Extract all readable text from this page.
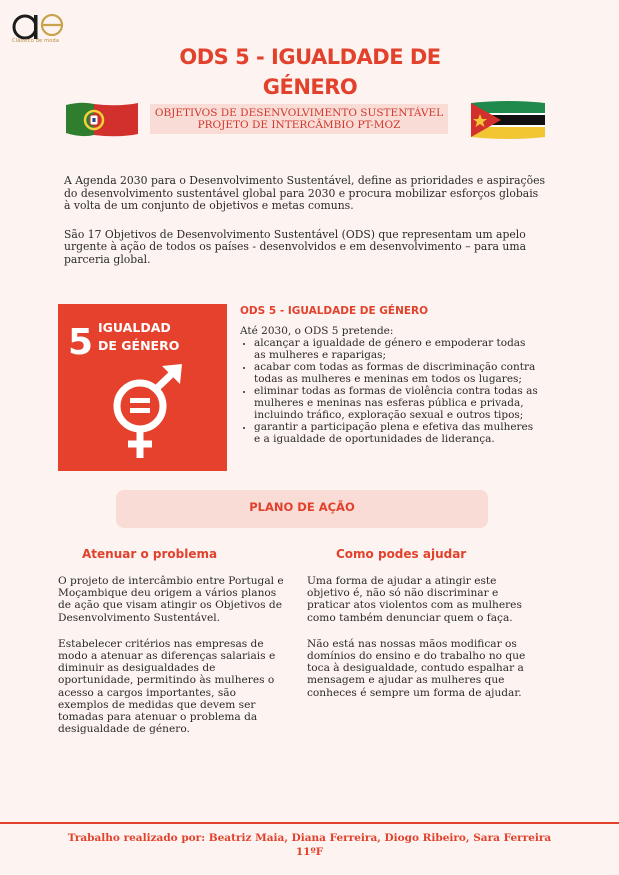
Clássico de moda
ODS 5 - IGUALDADE DE
GÉNERO
OBJETIVOS DE DESENVOLVIMENTO SUSTENTÁVEL
PROJETO DE INTERCÂMBIO PT-MOZ

A Agenda 2030 para o Desenvolvimento Sustentável, define as prioridades e aspirações do desenvolvimento sustentável global para 2030 e procura mobilizar esforços globais à volta de um conjunto de objetivos e metas comuns.

São 17 Objetivos de Desenvolvimento Sustentável (ODS) que representam um apelo urgente à ação de todos os países - desenvolvidos e em desenvolvimento – para uma parceria global.

5 IGUALDAD
DE GÉNERO
ODS 5 - IGUALDADE DE GÉNERO
Até 2030, o ODS 5 pretende:
• alcançar a igualdade de género e empoderar todas as mulheres e raparigas;
• acabar com todas as formas de discriminação contra todas as mulheres e meninas em todos os lugares;
• eliminar todas as formas de violência contra todas as mulheres e meninas nas esferas pública e privada, incluindo tráfico, exploração sexual e outros tipos;
• garantir a participação plena e efetiva das mulheres e a igualdade de oportunidades de liderança.
PLANO DE AÇÃO
Atenuar o problema	Como podes ajudar

O projeto de intercâmbio entre Portugal e Moçambique deu origem a vários planos de ação que visam atingir os Objetivos de Desenvolvimento Sustentável.

Estabelecer critérios nas empresas de modo a atenuar as diferenças salariais e diminuir as desigualdades de oportunidade, permitindo às mulheres o acesso a cargos importantes, são exemplos de medidas que devem ser tomadas para atenuar o problema da desigualdade de género.

Uma forma de ajudar a atingir este objetivo é, não só não discriminar e praticar atos violentos com as mulheres como também denunciar quem o faça.

Não está nas nossas mãos modificar os domínios do ensino e do trabalho no que toca à desigualdade, contudo espalhar a mensagem e ajudar as mulheres que conheces é sempre um forma de ajudar.

Trabalho realizado por: Beatriz Maia, Diana Ferreira, Diogo Ribeiro, Sara Ferreira
11ºF
